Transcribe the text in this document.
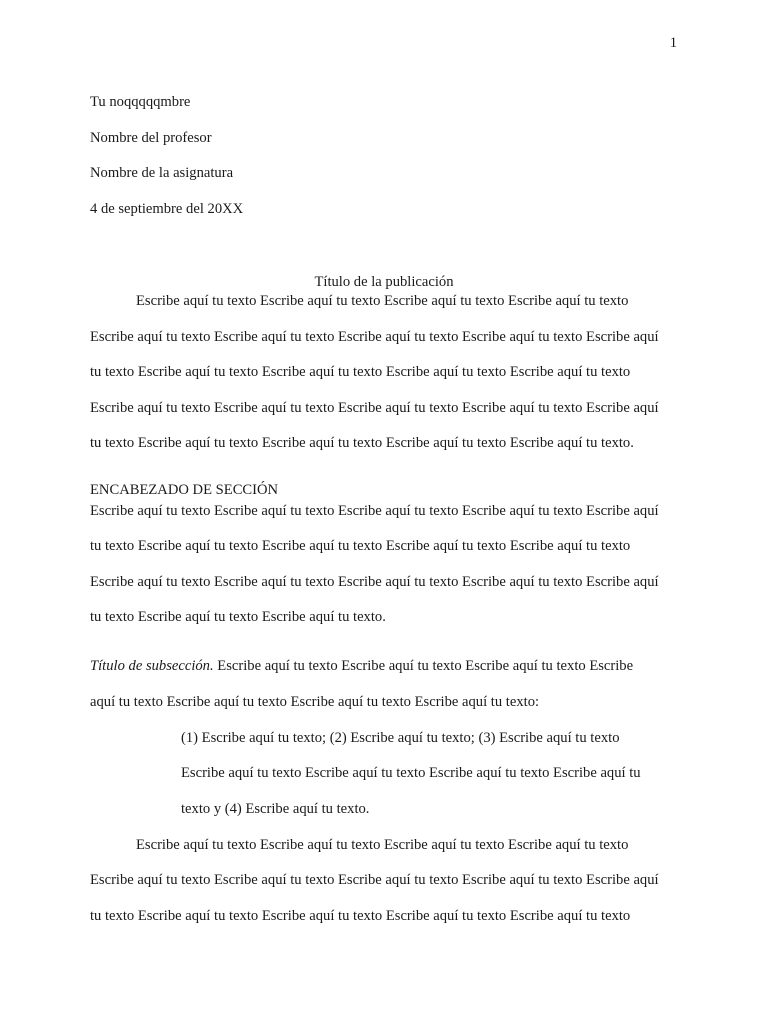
1
Tu noqqqqqmbre
Nombre del profesor
Nombre de la asignatura
4 de septiembre del 20XX
Título de la publicación
Escribe aquí tu texto Escribe aquí tu texto Escribe aquí tu texto Escribe aquí tu texto
Escribe aquí tu texto Escribe aquí tu texto Escribe aquí tu texto Escribe aquí tu texto Escribe aquí
tu texto Escribe aquí tu texto Escribe aquí tu texto Escribe aquí tu texto Escribe aquí tu texto
Escribe aquí tu texto Escribe aquí tu texto Escribe aquí tu texto Escribe aquí tu texto Escribe aquí
tu texto Escribe aquí tu texto Escribe aquí tu texto Escribe aquí tu texto Escribe aquí tu texto.
ENCABEZADO DE SECCIÓN
Escribe aquí tu texto Escribe aquí tu texto Escribe aquí tu texto Escribe aquí tu texto Escribe aquí
tu texto Escribe aquí tu texto Escribe aquí tu texto Escribe aquí tu texto Escribe aquí tu texto
Escribe aquí tu texto Escribe aquí tu texto Escribe aquí tu texto Escribe aquí tu texto Escribe aquí
tu texto Escribe aquí tu texto Escribe aquí tu texto.
Título de subsección. Escribe aquí tu texto Escribe aquí tu texto Escribe aquí tu texto Escribe
aquí tu texto Escribe aquí tu texto Escribe aquí tu texto Escribe aquí tu texto:
(1) Escribe aquí tu texto; (2) Escribe aquí tu texto; (3) Escribe aquí tu texto
Escribe aquí tu texto Escribe aquí tu texto Escribe aquí tu texto Escribe aquí tu
texto y (4) Escribe aquí tu texto.
Escribe aquí tu texto Escribe aquí tu texto Escribe aquí tu texto Escribe aquí tu texto
Escribe aquí tu texto Escribe aquí tu texto Escribe aquí tu texto Escribe aquí tu texto Escribe aquí
tu texto Escribe aquí tu texto Escribe aquí tu texto Escribe aquí tu texto Escribe aquí tu texto
